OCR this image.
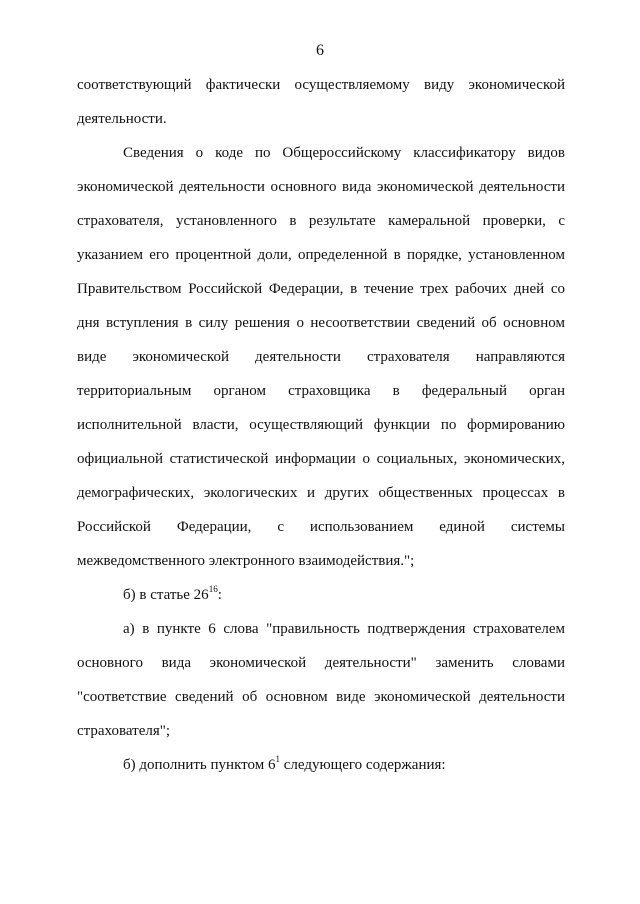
6
соответствующий фактически осуществляемому виду экономической
деятельности.
Сведения о коде по Общероссийскому классификатору видов
экономической деятельности основного вида экономической деятельности
страхователя, установленного в результате камеральной проверки, с
указанием его процентной доли, определенной в порядке, установленном
Правительством Российской Федерации, в течение трех рабочих дней со
дня вступления в силу решения о несоответствии сведений об основном
виде экономической деятельности страхователя направляются
территориальным органом страховщика в федеральный орган
исполнительной власти, осуществляющий функции по формированию
официальной статистической информации о социальных, экономических,
демографических, экологических и других общественных процессах в
Российской Федерации, с использованием единой системы
межведомственного электронного взаимодействия.";
б) в статье $26^{16}$:
а) в пункте 6 слова "правильность подтверждения страхователем
основного вида экономической деятельности" заменить словами
"соответствие сведений об основном виде экономической деятельности
страхователя";
б) дополнить пунктом $6^1$ следующего содержания:
